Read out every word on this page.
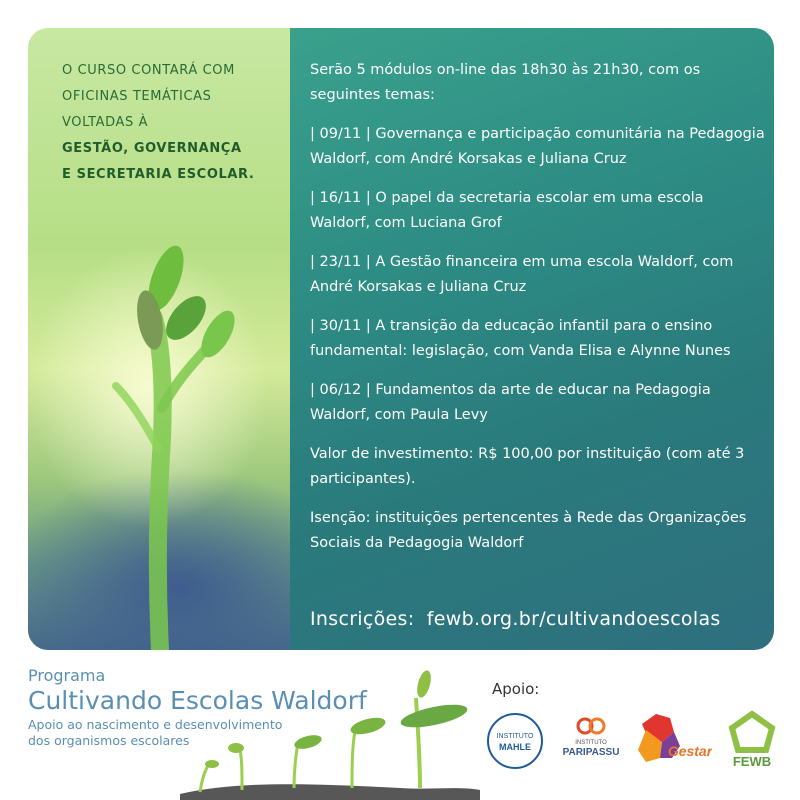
O CURSO CONTARÁ COM
OFICINAS TEMÁTICAS
VOLTADAS À
GESTÃO, GOVERNANÇA
E SECRETARIA ESCOLAR.

Serão 5 módulos on-line das 18h30 às 21h30, com os seguintes temas:

| 09/11 | Governança e participação comunitária na Pedagogia Waldorf, com André Korsakas e Juliana Cruz

| 16/11 | O papel da secretaria escolar em uma escola Waldorf, com Luciana Grof

| 23/11 | A Gestão financeira em uma escola Waldorf, com André Korsakas e Juliana Cruz

| 30/11 | A transição da educação infantil para o ensino fundamental: legislação, com Vanda Elisa e Alynne Nunes

| 06/12 | Fundamentos da arte de educar na Pedagogia Waldorf, com Paula Levy

Valor de investimento: R$ 100,00 por instituição (com até 3 participantes).

Isenção: instituições pertencentes à Rede das Organizações Sociais da Pedagogia Waldorf

Inscrições: fewb.org.br/cultivandoescolas
Programa
Cultivando Escolas Waldorf
Apoio ao nascimento e desenvolvimento
dos organismos escolares
Apoio:
INSTITUTO
MAHLE	INSTITUTO
PARIPASSU	Gestar
FEWB
